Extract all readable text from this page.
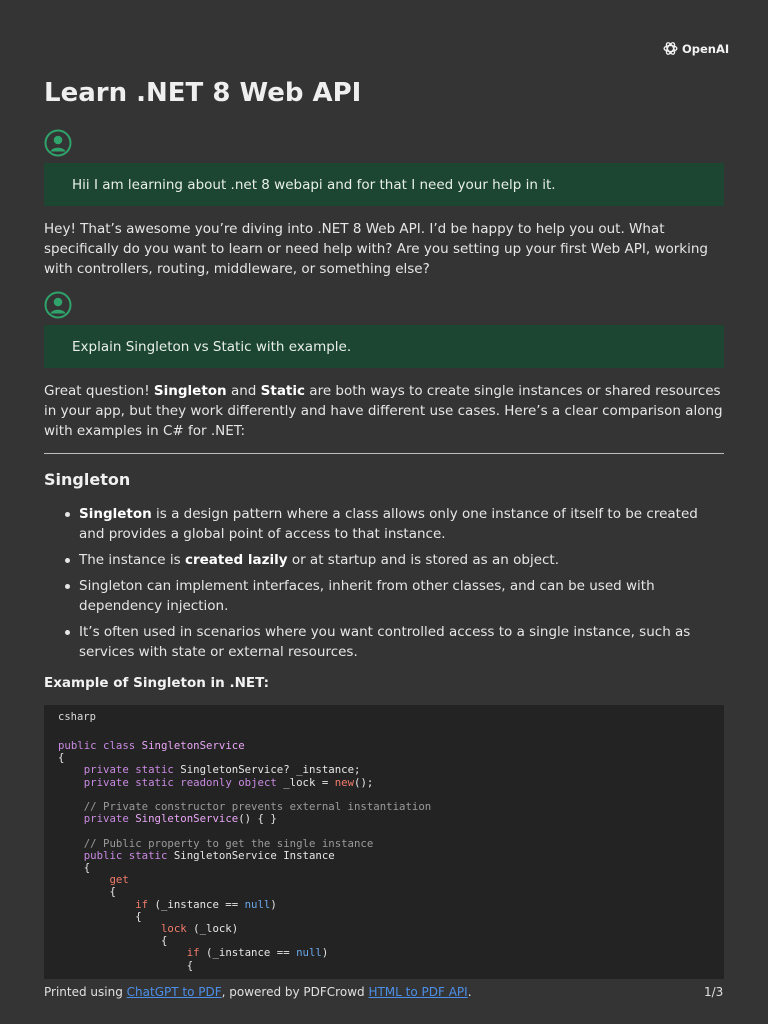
OpenAI
Learn .NET 8 Web API
Hii I am learning about .net 8 webapi and for that I need your help in it.

Hey! That’s awesome you’re diving into .NET 8 Web API. I’d be happy to help you out. What specifically do you want to learn or need help with? Are you setting up your first Web API, working with controllers, routing, middleware, or something else?

Explain Singleton vs Static with example.

Great question! Singleton and Static are both ways to create single instances or shared resources in your app, but they work differently and have different use cases. Here’s a clear comparison along with examples in C# for .NET:

Singleton
Singleton is a design pattern where a class allows only one instance of itself to be created and provides a global point of access to that instance.
The instance is created lazily or at startup and is stored as an object.
Singleton can implement interfaces, inherit from other classes, and can be used with dependency injection.
It’s often used in scenarios where you want controlled access to a single instance, such as services with state or external resources.
Example of Singleton in .NET:
csharp
public class SingletonService
{
private static SingletonService? _instance;
private static readonly object _lock = new();

// Private constructor prevents external instantiation
private SingletonService() { }

// Public property to get the single instance
public static SingletonService Instance
{
get
{
if (_instance == null)
{
lock (_lock)
{
if (_instance == null)
{
Printed using ChatGPT to PDF, powered by PDFCrowd HTML to PDF API.	1/3
